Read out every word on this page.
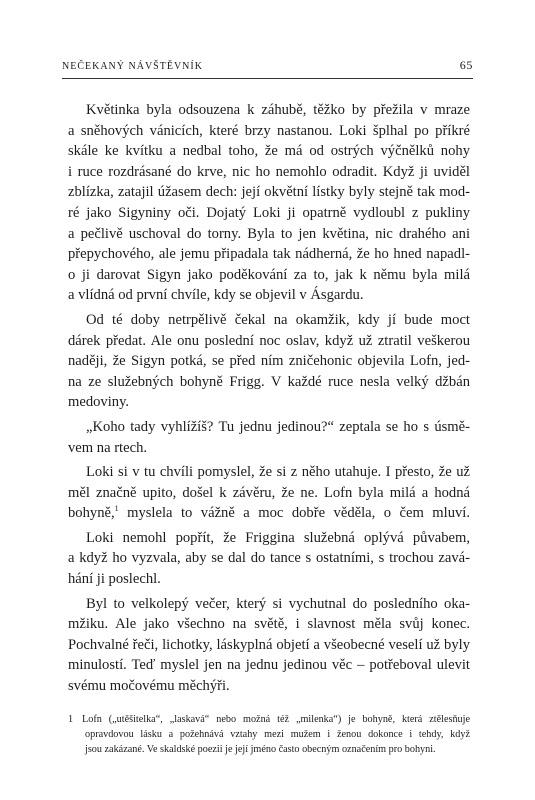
NEČEKANÝ NÁVŠTĚVNÍK	65
Květinka byla odsouzena k záhubě, těžko by přežila v mraze
a sněhových vánicích, které brzy nastanou. Loki šplhal po příkré
skále ke kvítku a nedbal toho, že má od ostrých výčnělků nohy
i ruce rozdrásané do krve, nic ho nemohlo odradit. Když ji uviděl
zblízka, zatajil úžasem dech: její okvětní lístky byly stejně tak mod-
ré jako Sigyniny oči. Dojatý Loki ji opatrně vydloubl z pukliny
a pečlivě uschoval do torny. Byla to jen květina, nic drahého ani
přepychového, ale jemu připadala tak nádherná, že ho hned napadl-
o ji darovat Sigyn jako poděkování za to, jak k němu byla milá
a vlídná od první chvíle, kdy se objevil v Ásgardu.
Od té doby netrpělivě čekal na okamžik, kdy jí bude moct
dárek předat. Ale onu poslední noc oslav, když už ztratil veškerou
naději, že Sigyn potká, se před ním zničehonic objevila Lofn, jed-
na ze služebných bohyně Frigg. V každé ruce nesla velký džbán
medoviny.
„Koho tady vyhlížíš? Tu jednu jedinou?“ zeptala se ho s úsmě-
vem na rtech.
Loki si v tu chvíli pomyslel, že si z něho utahuje. I přesto, že už
měl značně upito, došel k závěru, že ne. Lofn byla milá a hodná
bohyně,$^1$ myslela to vážně a moc dobře věděla, o čem mluví.
Loki nemohl popřít, že Friggina služebná oplývá půvabem,
a když ho vyzvala, aby se dal do tance s ostatními, s trochou zavá-
hání ji poslechl.
Byl to velkolepý večer, který si vychutnal do posledního oka-
mžiku. Ale jako všechno na světě, i slavnost měla svůj konec.
Pochvalné řeči, lichotky, láskyplná objetí a všeobecné veselí už byly
minulostí. Teď myslel jen na jednu jedinou věc – potřeboval ulevit
svému močovému měchýři.
1 Lofn („utěšitelka“, „laskavá“ nebo možná též „milenka“) je bohyně, která ztělesňuje
opravdovou lásku a požehnává vztahy mezi mužem i ženou dokonce i tehdy, když
jsou zakázané. Ve skaldské poezii je její jméno často obecným označením pro bohyni.
